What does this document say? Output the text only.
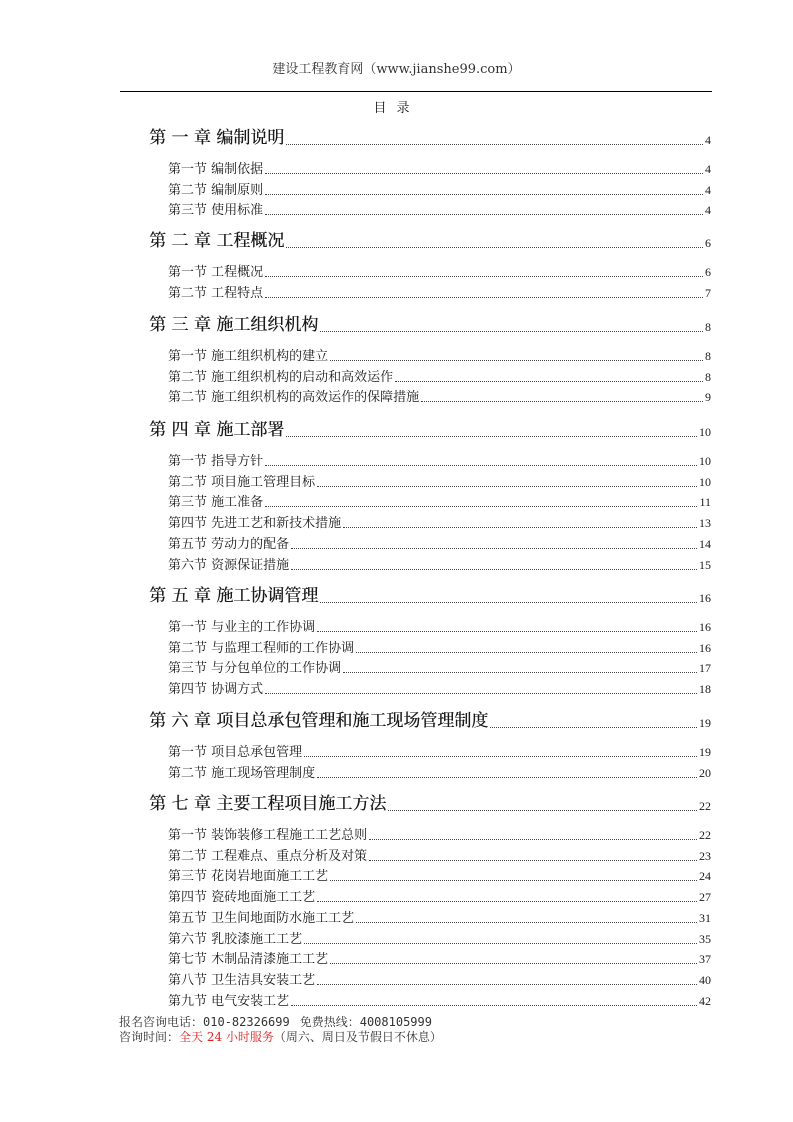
建设工程教育网（www.jianshe99.com）
目录
第 一 章 编制说明	4
第一节 编制依据	4
第二节 编制原则	4
第三节 使用标准	4
第 二 章 工程概况	6
第一节 工程概况	6
第二节 工程特点	7
第 三 章 施工组织机构	8
第一节 施工组织机构的建立	8
第二节 施工组织机构的启动和高效运作	8
第二节 施工组织机构的高效运作的保障措施	9
第 四 章 施工部署	10
第一节 指导方针	10
第二节 项目施工管理目标	10
第三节 施工准备	11
第四节 先进工艺和新技术措施	13
第五节 劳动力的配备	14
第六节 资源保证措施	15
第 五 章 施工协调管理	16
第一节 与业主的工作协调	16
第二节 与监理工程师的工作协调	16
第三节 与分包单位的工作协调	17
第四节 协调方式	18
第 六 章 项目总承包管理和施工现场管理制度	19
第一节 项目总承包管理	19
第二节 施工现场管理制度	20
第 七 章 主要工程项目施工方法	22
第一节 装饰装修工程施工工艺总则	22
第二节 工程难点、重点分析及对策	23
第三节 花岗岩地面施工工艺	24
第四节 瓷砖地面施工工艺	27
第五节 卫生间地面防水施工工艺	31
第六节 乳胶漆施工工艺	35
第七节 木制品清漆施工工艺	37
第八节 卫生洁具安装工艺	40
第九节 电气安装工艺	42
报名咨询电话：010-82326699 免费热线：4008105999
咨询时间：全天 24 小时服务（周六、周日及节假日不休息）
